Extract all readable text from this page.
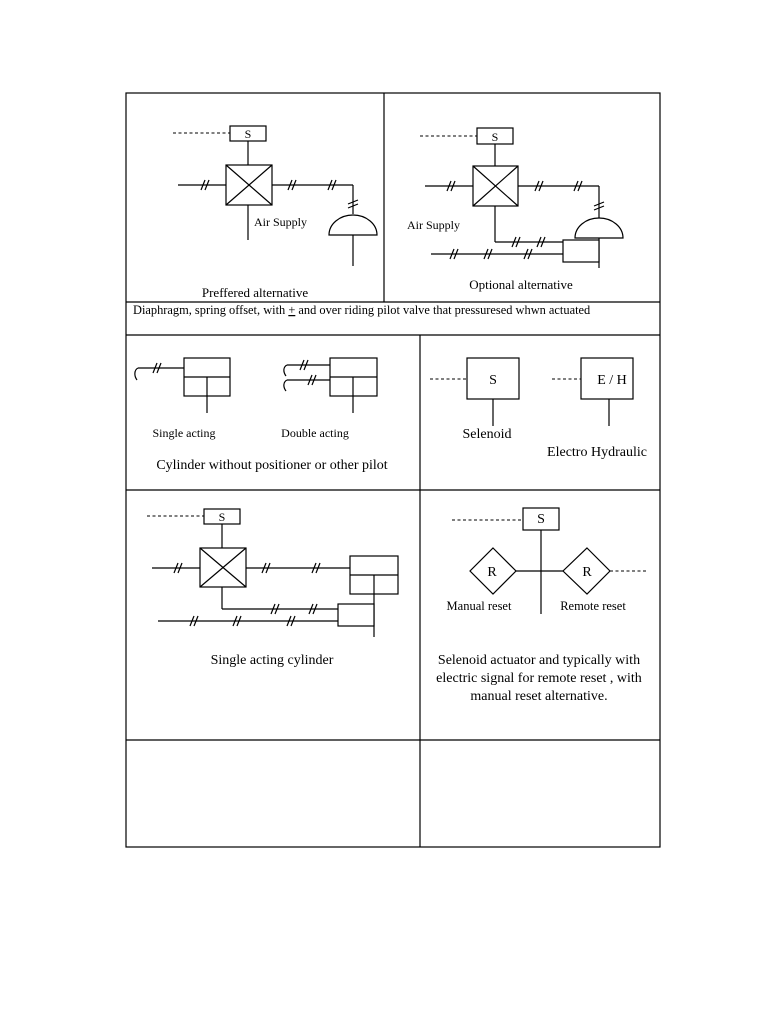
S
Air Supply
Preffered alternative
S
Air Supply
Optional alternative
Diaphragm, spring offset, with + and over riding pilot valve that pressuresed whwn actuated
Single acting	Double acting
Cylinder without positioner or other pilot
S
Selenoid
E / H
Electro Hydraulic
S
Single acting cylinder
S
R	R
Manual reset	Remote reset
Selenoid actuator and typically with
electric signal for remote reset , with
manual reset alternative.
